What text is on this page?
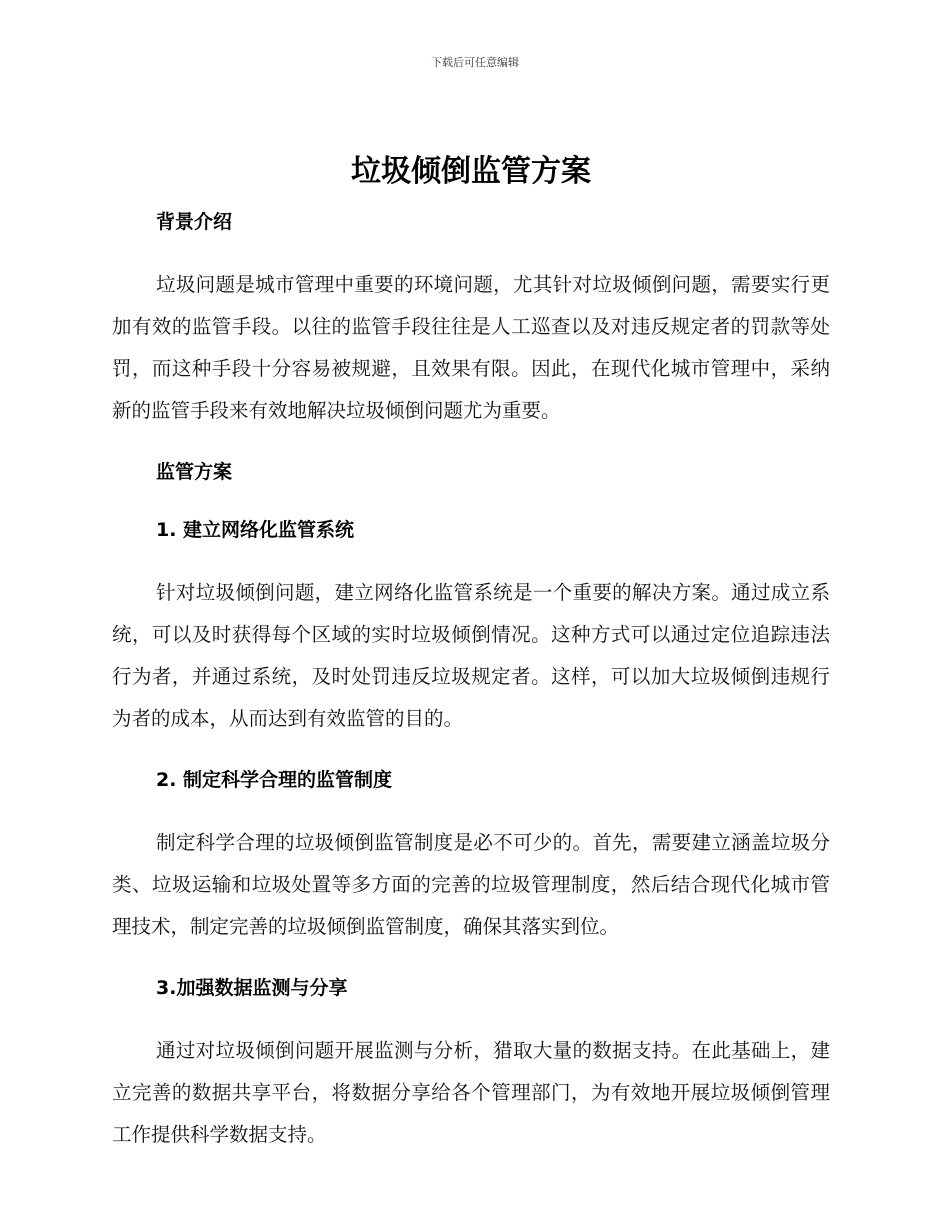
下载后可任意编辑
垃圾倾倒监管方案
背景介绍

垃圾问题是城市管理中重要的环境问题，尤其针对垃圾倾倒问题，需要实行更加有效的监管手段。以往的监管手段往往是人工巡查以及对违反规定者的罚款等处罚，而这种手段十分容易被规避，且效果有限。因此，在现代化城市管理中，采纳新的监管手段来有效地解决垃圾倾倒问题尤为重要。

监管方案
1. 建立网络化监管系统

针对垃圾倾倒问题，建立网络化监管系统是一个重要的解决方案。通过成立系统，可以及时获得每个区域的实时垃圾倾倒情况。这种方式可以通过定位追踪违法行为者，并通过系统，及时处罚违反垃圾规定者。这样，可以加大垃圾倾倒违规行为者的成本，从而达到有效监管的目的。

2. 制定科学合理的监管制度

制定科学合理的垃圾倾倒监管制度是必不可少的。首先，需要建立涵盖垃圾分类、垃圾运输和垃圾处置等多方面的完善的垃圾管理制度，然后结合现代化城市管理技术，制定完善的垃圾倾倒监管制度，确保其落实到位。

3.加强数据监测与分享

通过对垃圾倾倒问题开展监测与分析，猎取大量的数据支持。在此基础上，建立完善的数据共享平台，将数据分享给各个管理部门，为有效地开展垃圾倾倒管理工作提供科学数据支持。
